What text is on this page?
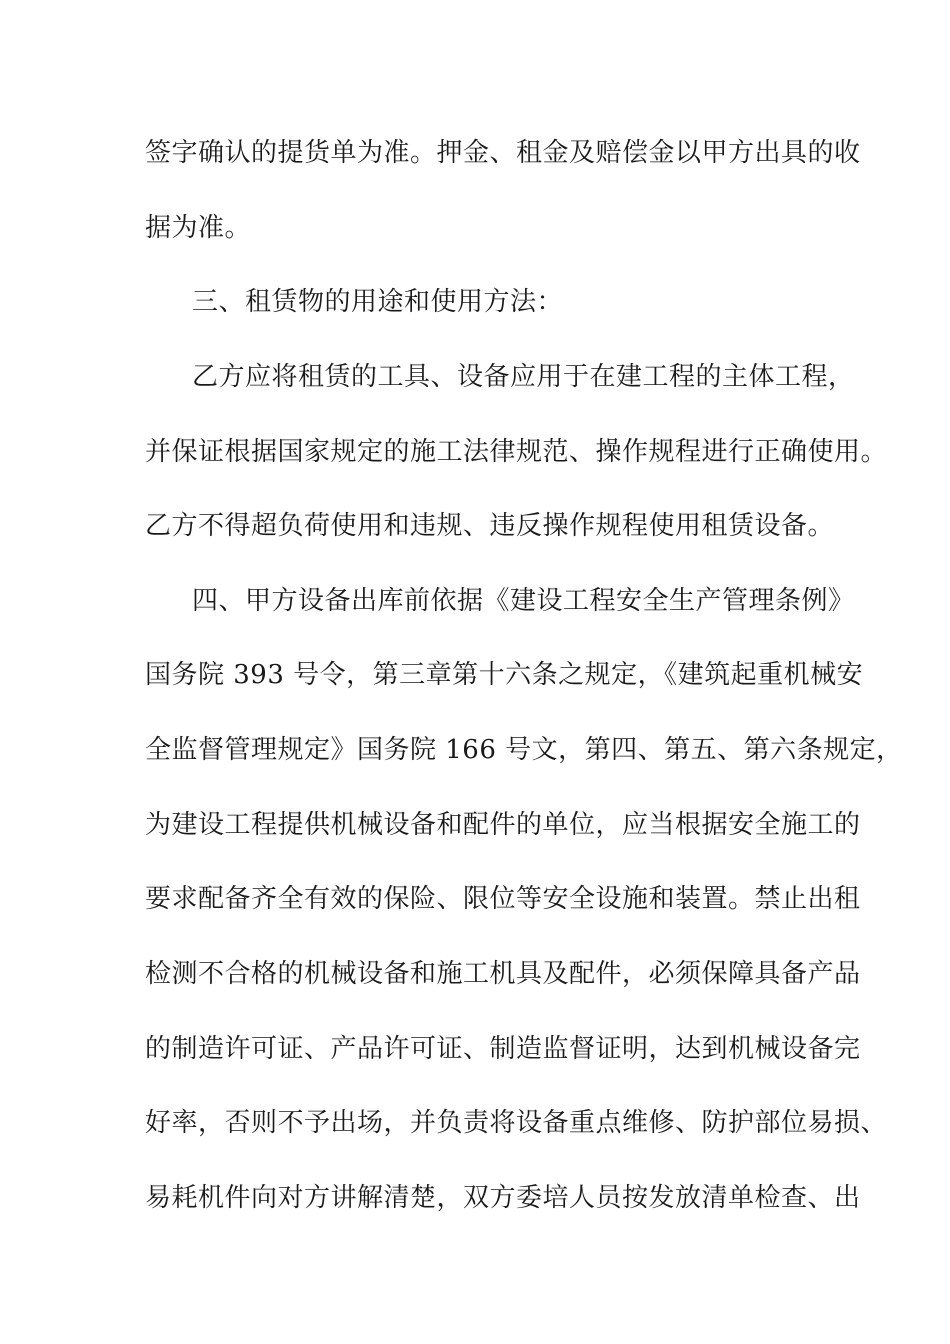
签字确认的提货单为准。押金、租金及赔偿金以甲方出具的收
据为准。
三、租赁物的用途和使用方法：
乙方应将租赁的工具、设备应用于在建工程的主体工程，
并保证根据国家规定的施工法律规范、操作规程进行正确使用。
乙方不得超负荷使用和违规、违反操作规程使用租赁设备。
四、甲方设备出库前依据《建设工程安全生产管理条例》
国务院 393 号令，第三章第十六条之规定，《建筑起重机械安
全监督管理规定》国务院 166 号文，第四、第五、第六条规定，
为建设工程提供机械设备和配件的单位，应当根据安全施工的
要求配备齐全有效的保险、限位等安全设施和装置。禁止出租
检测不合格的机械设备和施工机具及配件，必须保障具备产品
的制造许可证、产品许可证、制造监督证明，达到机械设备完
好率，否则不予出场，并负责将设备重点维修、防护部位易损、
易耗机件向对方讲解清楚，双方委培人员按发放清单检查、出
